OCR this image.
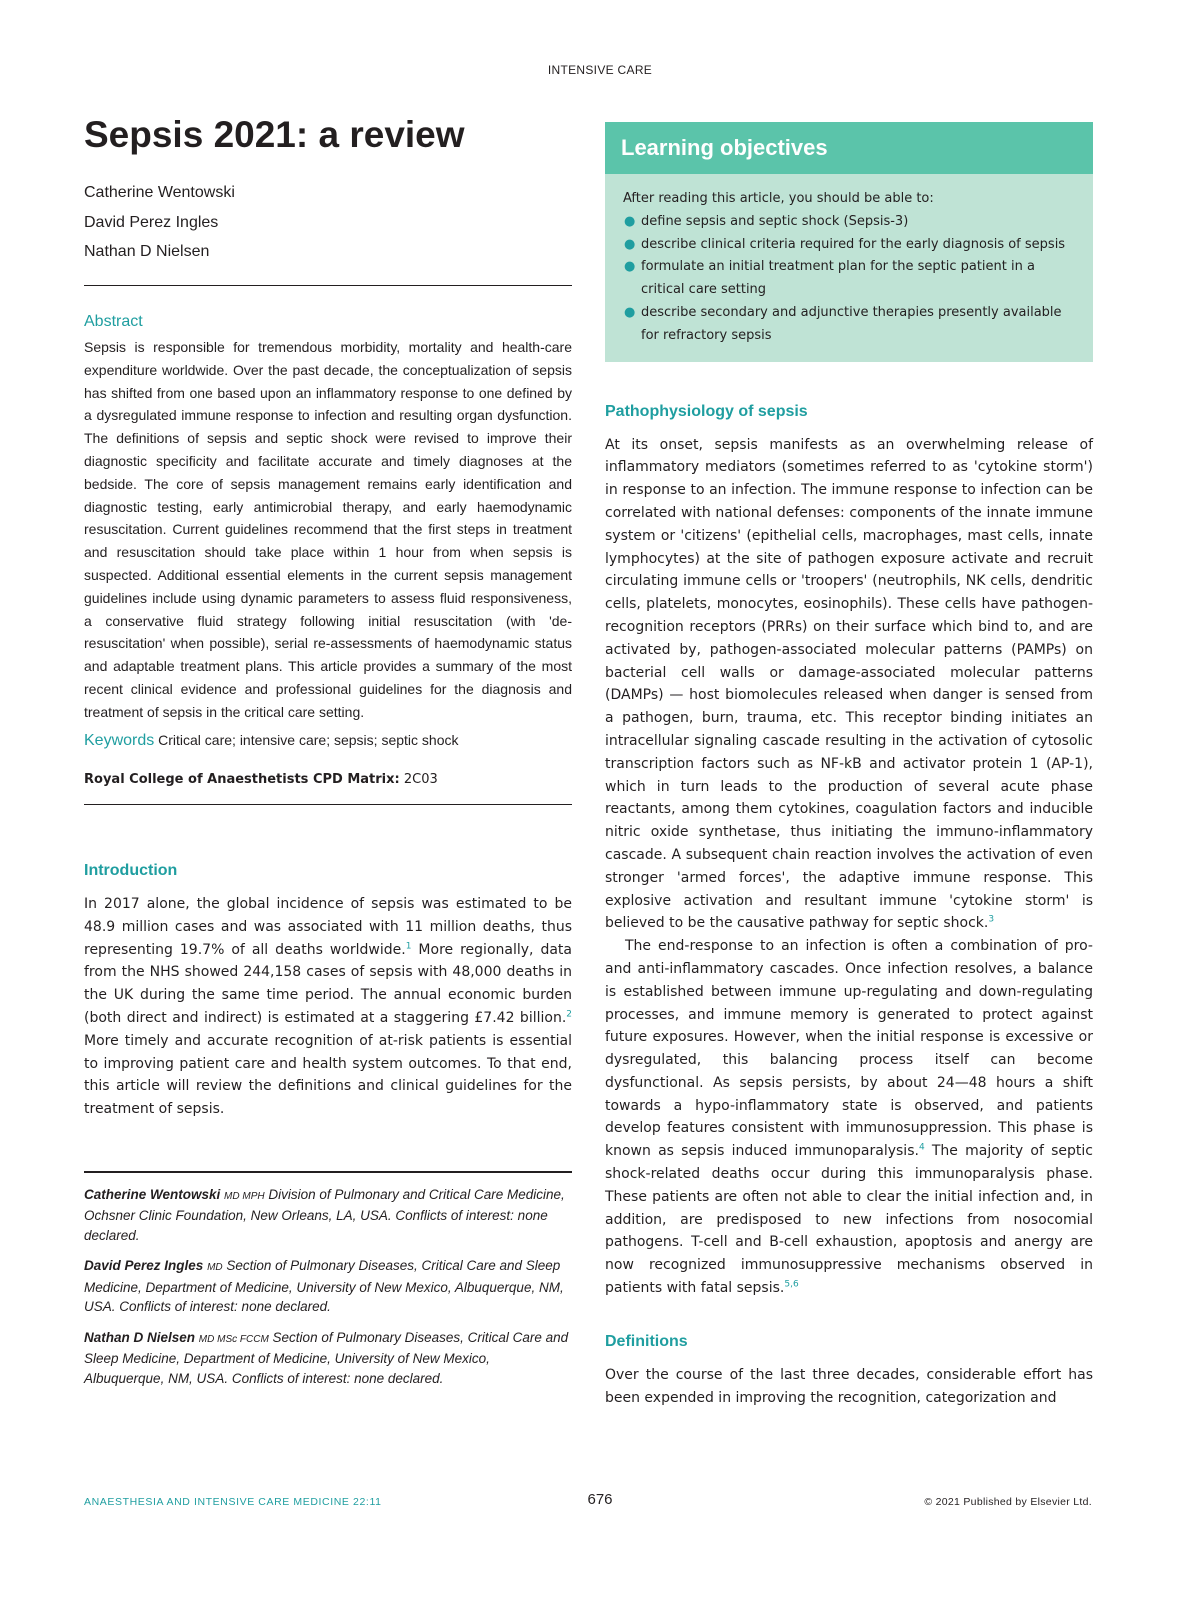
INTENSIVE CARE
Sepsis 2021: a review
Catherine Wentowski
David Perez Ingles
Nathan D Nielsen
Abstract

Sepsis is responsible for tremendous morbidity, mortality and health-care expenditure worldwide. Over the past decade, the conceptualization of sepsis has shifted from one based upon an inflammatory response to one defined by a dysregulated immune response to infection and resulting organ dysfunction. The definitions of sepsis and septic shock were revised to improve their diagnostic specificity and facilitate accurate and timely diagnoses at the bedside. The core of sepsis management remains early identification and diagnostic testing, early antimicrobial therapy, and early haemodynamic resuscitation. Current guidelines recommend that the first steps in treatment and resuscitation should take place within 1 hour from when sepsis is suspected. Additional essential elements in the current sepsis management guidelines include using dynamic parameters to assess fluid responsiveness, a conservative fluid strategy following initial resuscitation (with 'de-resuscitation' when possible), serial re-assessments of haemodynamic status and adaptable treatment plans. This article provides a summary of the most recent clinical evidence and professional guidelines for the diagnosis and treatment of sepsis in the critical care setting.

Keywords Critical care; intensive care; sepsis; septic shock

Royal College of Anaesthetists CPD Matrix: 2C03

Introduction

In 2017 alone, the global incidence of sepsis was estimated to be 48.9 million cases and was associated with 11 million deaths, thus representing 19.7% of all deaths worldwide.$^1$ More regionally, data from the NHS showed 244,158 cases of sepsis with 48,000 deaths in the UK during the same time period. The annual economic burden (both direct and indirect) is estimated at a staggering £7.42 billion.$^2$ More timely and accurate recognition of at-risk patients is essential to improving patient care and health system outcomes. To that end, this article will review the definitions and clinical guidelines for the treatment of sepsis.

Catherine Wentowski MD MPH Division of Pulmonary and Critical Care Medicine, Ochsner Clinic Foundation, New Orleans, LA, USA. Conflicts of interest: none declared.

David Perez Ingles MD Section of Pulmonary Diseases, Critical Care and Sleep Medicine, Department of Medicine, University of New Mexico, Albuquerque, NM, USA. Conflicts of interest: none declared.

Nathan D Nielsen MD MSc FCCM Section of Pulmonary Diseases, Critical Care and Sleep Medicine, Department of Medicine, University of New Mexico, Albuquerque, NM, USA. Conflicts of interest: none declared.

Learning objectives
After reading this article, you should be able to:
● define sepsis and septic shock (Sepsis-3)
● describe clinical criteria required for the early diagnosis of sepsis
● formulate an initial treatment plan for the septic patient in a critical care setting
● describe secondary and adjunctive therapies presently available for refractory sepsis
Pathophysiology of sepsis

At its onset, sepsis manifests as an overwhelming release of inflammatory mediators (sometimes referred to as 'cytokine storm') in response to an infection. The immune response to infection can be correlated with national defenses: components of the innate immune system or 'citizens' (epithelial cells, macrophages, mast cells, innate lymphocytes) at the site of pathogen exposure activate and recruit circulating immune cells or 'troopers' (neutrophils, NK cells, dendritic cells, platelets, monocytes, eosinophils). These cells have pathogen-recognition receptors (PRRs) on their surface which bind to, and are activated by, pathogen-associated molecular patterns (PAMPs) on bacterial cell walls or damage-associated molecular patterns (DAMPs) — host biomolecules released when danger is sensed from a pathogen, burn, trauma, etc. This receptor binding initiates an intracellular signaling cascade resulting in the activation of cytosolic transcription factors such as NF-kB and activator protein 1 (AP-1), which in turn leads to the production of several acute phase reactants, among them cytokines, coagulation factors and inducible nitric oxide synthetase, thus initiating the immuno-inflammatory cascade. A subsequent chain reaction involves the activation of even stronger 'armed forces', the adaptive immune response. This explosive activation and resultant immune 'cytokine storm' is believed to be the causative pathway for septic shock.$^3$

The end-response to an infection is often a combination of pro- and anti-inflammatory cascades. Once infection resolves, a balance is established between immune up-regulating and down-regulating processes, and immune memory is generated to protect against future exposures. However, when the initial response is excessive or dysregulated, this balancing process itself can become dysfunctional. As sepsis persists, by about 24—48 hours a shift towards a hypo-inflammatory state is observed, and patients develop features consistent with immunosuppression. This phase is known as sepsis induced immunoparalysis.$^4$ The majority of septic shock-related deaths occur during this immunoparalysis phase. These patients are often not able to clear the initial infection and, in addition, are predisposed to new infections from nosocomial pathogens. T-cell and B-cell exhaustion, apoptosis and anergy are now recognized immunosuppressive mechanisms observed in patients with fatal sepsis.$^{5,6}$

Definitions

Over the course of the last three decades, considerable effort has been expended in improving the recognition, categorization and

ANAESTHESIA AND INTENSIVE CARE MEDICINE 22:11	676	© 2021 Published by Elsevier Ltd.
